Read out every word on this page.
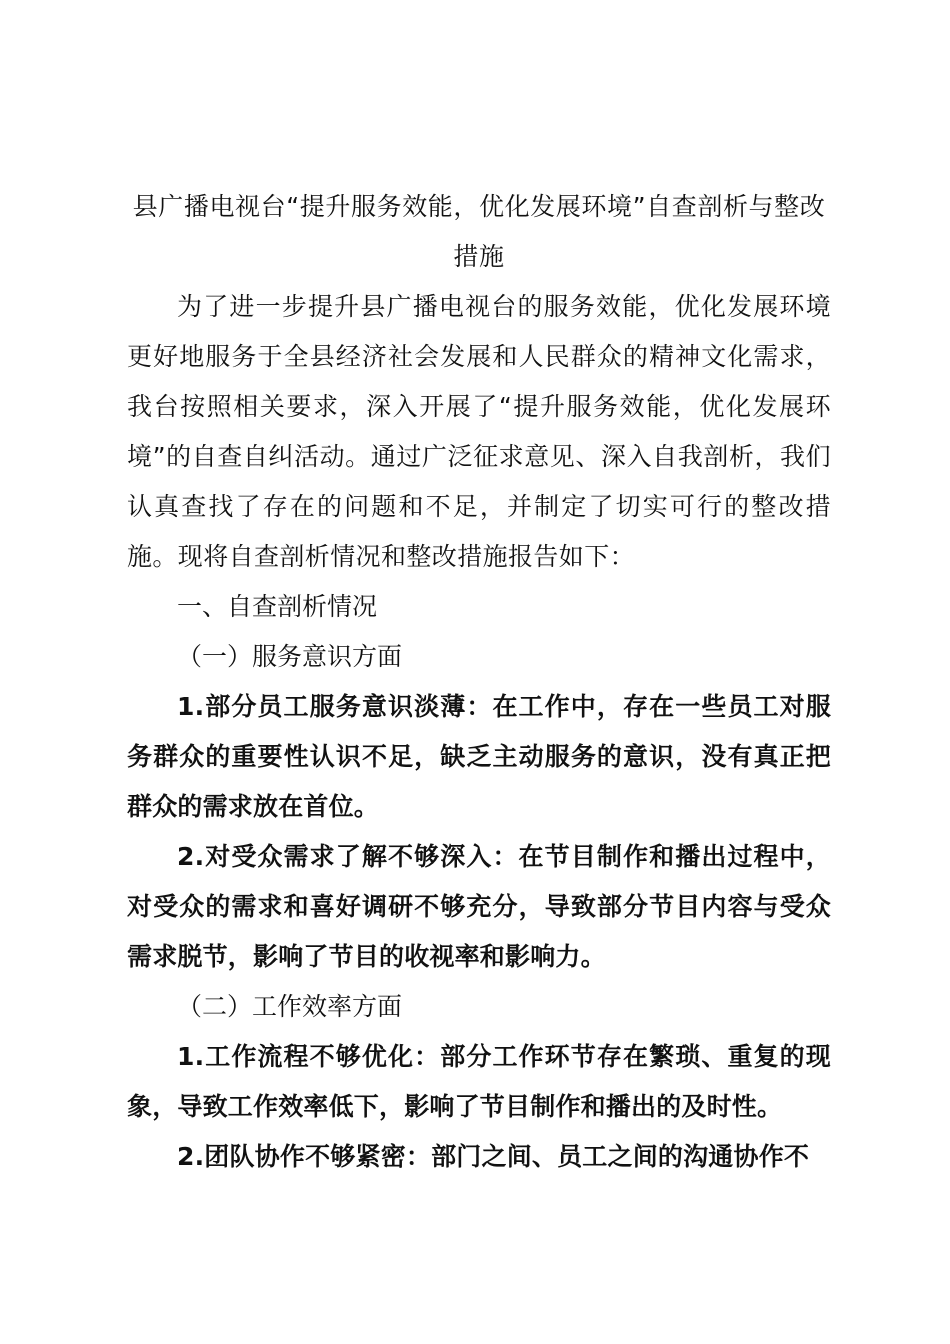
县广播电视台“提升服务效能，优化发展环境”自查剖析与整改措施

为了进一步提升县广播电视台的服务效能，优化发展环境更好地服务于全县经济社会发展和人民群众的精神文化需求，我台按照相关要求，深入开展了“提升服务效能，优化发展环境”的自查自纠活动。通过广泛征求意见、深入自我剖析，我们认真查找了存在的问题和不足，并制定了切实可行的整改措施。现将自查剖析情况和整改措施报告如下：

一、自查剖析情况

（一）服务意识方面

1.部分员工服务意识淡薄：在工作中，存在一些员工对服务群众的重要性认识不足，缺乏主动服务的意识，没有真正把群众的需求放在首位。

2.对受众需求了解不够深入：在节目制作和播出过程中，对受众的需求和喜好调研不够充分，导致部分节目内容与受众需求脱节，影响了节目的收视率和影响力。

（二）工作效率方面

1.工作流程不够优化：部分工作环节存在繁琐、重复的现象，导致工作效率低下，影响了节目制作和播出的及时性。

2.团队协作不够紧密：部门之间、员工之间的沟通协作不
